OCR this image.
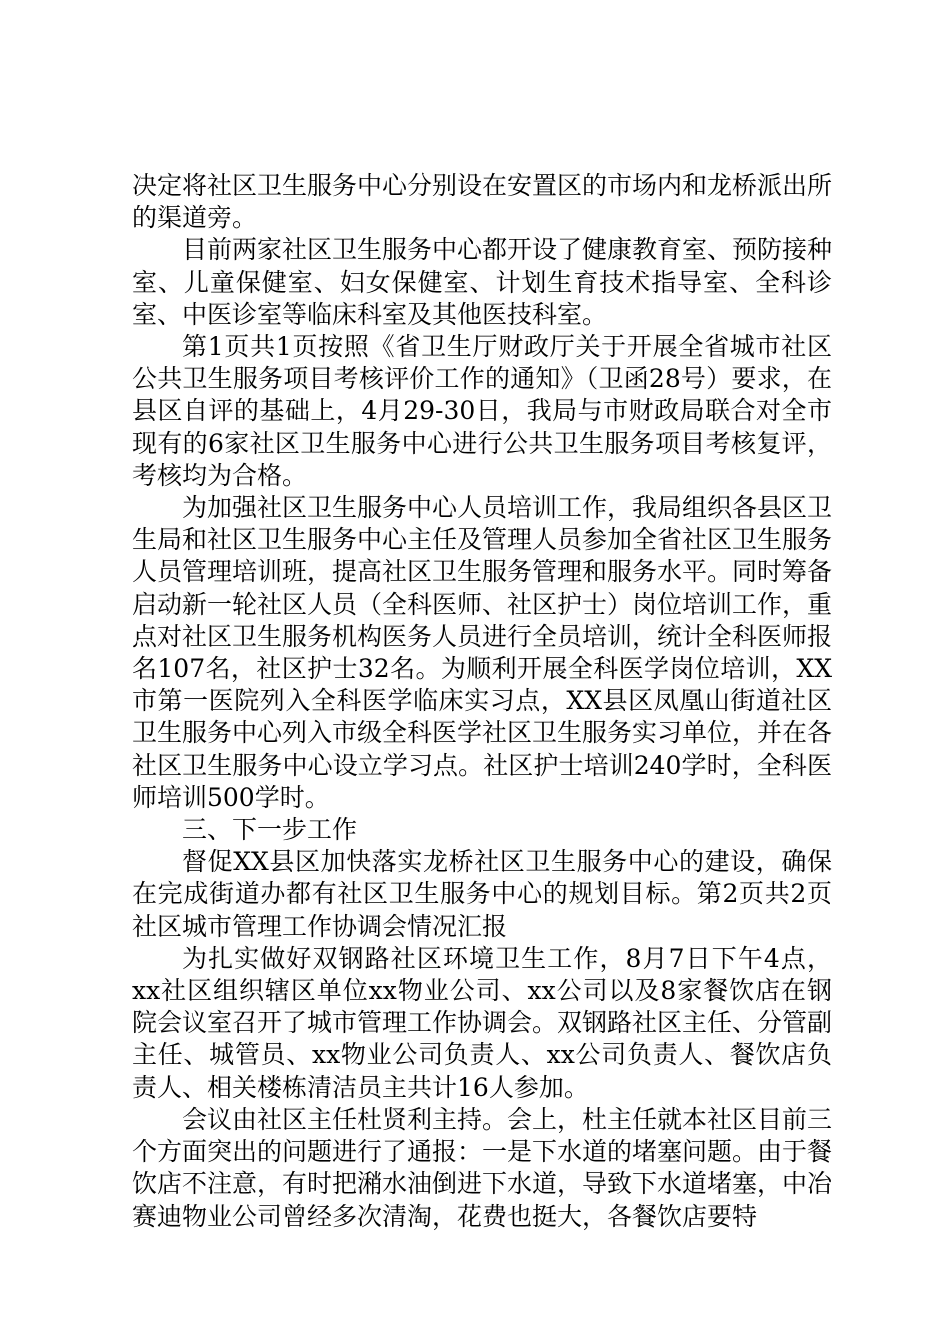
决定将社区卫生服务中心分别设在安置区的市场内和龙桥派出所的渠道旁。

目前两家社区卫生服务中心都开设了健康教育室、预防接种室、儿童保健室、妇女保健室、计划生育技术指导室、全科诊室、中医诊室等临床科室及其他医技科室。

第1页共1页按照《省卫生厅财政厅关于开展全省城市社区公共卫生服务项目考核评价工作的通知》（卫函28号）要求，在县区自评的基础上，4月29-30日，我局与市财政局联合对全市现有的6家社区卫生服务中心进行公共卫生服务项目考核复评，考核均为合格。

为加强社区卫生服务中心人员培训工作，我局组织各县区卫生局和社区卫生服务中心主任及管理人员参加全省社区卫生服务人员管理培训班，提高社区卫生服务管理和服务水平。同时筹备启动新一轮社区人员（全科医师、社区护士）岗位培训工作，重点对社区卫生服务机构医务人员进行全员培训，统计全科医师报名107名，社区护士32名。为顺利开展全科医学岗位培训，XX市第一医院列入全科医学临床实习点，XX县区凤凰山街道社区卫生服务中心列入市级全科医学社区卫生服务实习单位，并在各社区卫生服务中心设立学习点。社区护士培训240学时，全科医师培训500学时。

三、下一步工作

督促XX县区加快落实龙桥社区卫生服务中心的建设，确保在完成街道办都有社区卫生服务中心的规划目标。第2页共2页社区城市管理工作协调会情况汇报

为扎实做好双钢路社区环境卫生工作，8月7日下午4点，xx社区组织辖区单位xx物业公司、xx公司以及8家餐饮店在钢院会议室召开了城市管理工作协调会。双钢路社区主任、分管副主任、城管员、xx物业公司负责人、xx公司负责人、餐饮店负责人、相关楼栋清洁员主共计16人参加。

会议由社区主任杜贤利主持。会上，杜主任就本社区目前三个方面突出的问题进行了通报：一是下水道的堵塞问题。由于餐饮店不注意，有时把潲水油倒进下水道，导致下水道堵塞，中冶赛迪物业公司曾经多次清淘，花费也挺大，各餐饮店要特
